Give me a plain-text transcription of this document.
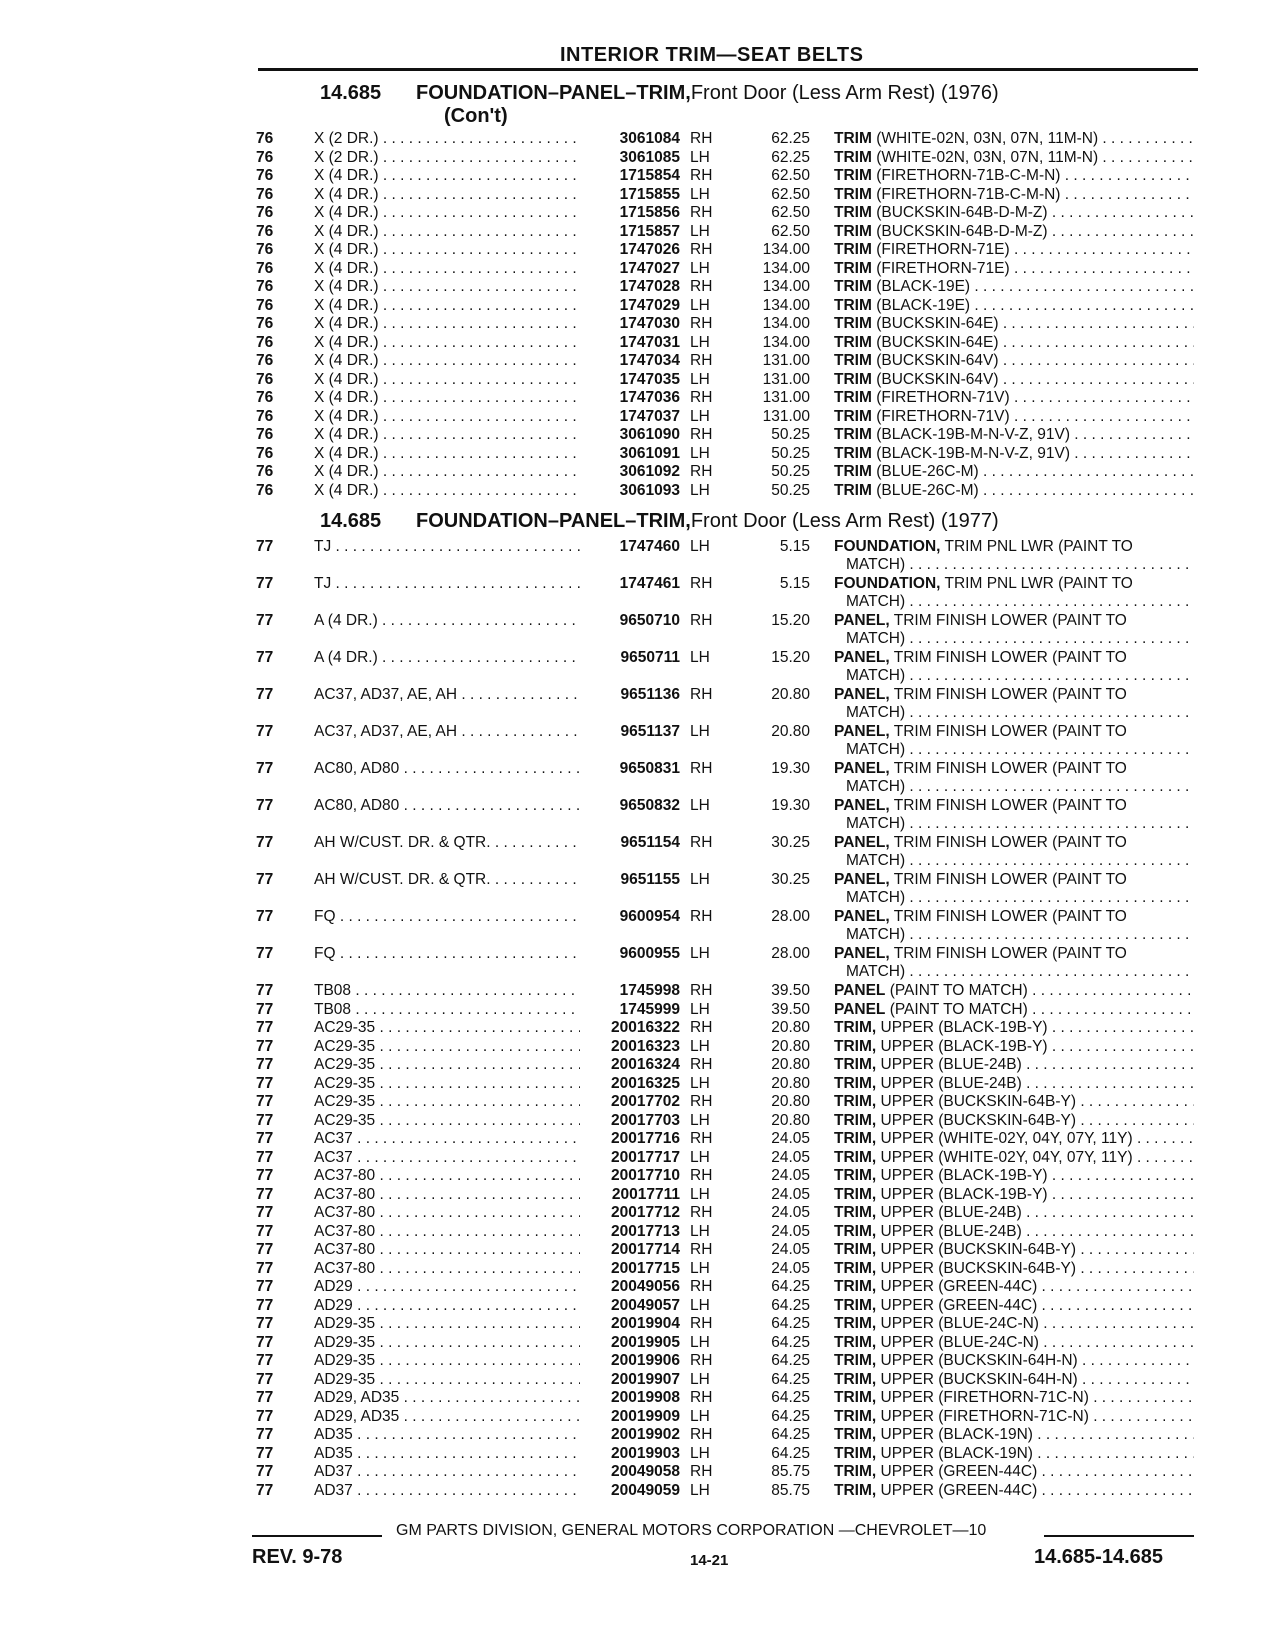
INTERIOR TRIM—SEAT BELTS
14.685 FOUNDATION–PANEL–TRIM,Front Door (Less Arm Rest) (1976)
(Con't)
76	X (2 DR.) . . .	3061084 RH	62.25 TRIM (WHITE-02N, 03N, 07N, 11M-N) . . .
76	X (2 DR.) . . .	3061085 LH	62.25 TRIM (WHITE-02N, 03N, 07N, 11M-N) . . .
76	X (4 DR.) . . .	1715854 RH	62.50 TRIM (FIRETHORN-71B-C-M-N) . . .
76	X (4 DR.) . . .	1715855 LH	62.50 TRIM (FIRETHORN-71B-C-M-N) . . .
76	X (4 DR.) . . .	1715856 RH	62.50 TRIM (BUCKSKIN-64B-D-M-Z) . . .
76	X (4 DR.) . . .	1715857 LH	62.50 TRIM (BUCKSKIN-64B-D-M-Z) . . .
76	X (4 DR.) . . .	1747026 RH	134.00 TRIM (FIRETHORN-71E) . . .
76	X (4 DR.) . . .	1747027 LH	134.00 TRIM (FIRETHORN-71E) . . .
76	X (4 DR.) . . .	1747028 RH	134.00 TRIM (BLACK-19E) . . .
76	X (4 DR.) . . .	1747029 LH	134.00 TRIM (BLACK-19E) . . .
76	X (4 DR.) . . .	1747030 RH	134.00 TRIM (BUCKSKIN-64E) . . .
76	X (4 DR.) . . .	1747031 LH	134.00 TRIM (BUCKSKIN-64E) . . .
76	X (4 DR.) . . .	1747034 RH	131.00 TRIM (BUCKSKIN-64V) . . .
76	X (4 DR.) . . .	1747035 LH	131.00 TRIM (BUCKSKIN-64V) . . .
76	X (4 DR.) . . .	1747036 RH	131.00 TRIM (FIRETHORN-71V) . . .
76	X (4 DR.) . . .	1747037 LH	131.00 TRIM (FIRETHORN-71V) . . .
76	X (4 DR.) . . .	3061090 RH	50.25 TRIM (BLACK-19B-M-N-V-Z, 91V) . . .
76	X (4 DR.) . . .	3061091 LH	50.25 TRIM (BLACK-19B-M-N-V-Z, 91V) . . .
76	X (4 DR.) . . .	3061092 RH	50.25 TRIM (BLUE-26C-M) . . .
76	X (4 DR.) . . .	3061093 LH	50.25 TRIM (BLUE-26C-M) . . .
14.685 FOUNDATION–PANEL–TRIM,Front Door (Less Arm Rest) (1977)
77	TJ . . .	1747460 LH	5.15 FOUNDATION, TRIM PNL LWR (PAINT TO
MATCH) . . .
77	TJ . . .	1747461 RH	5.15 FOUNDATION, TRIM PNL LWR (PAINT TO
MATCH) . . .
77	A (4 DR.) . . .	9650710 RH	15.20 PANEL, TRIM FINISH LOWER (PAINT TO
MATCH) . . .
77	A (4 DR.) . . .	9650711 LH	15.20 PANEL, TRIM FINISH LOWER (PAINT TO
MATCH) . . .
77	AC37, AD37, AE, AH . . .	9651136 RH	20.80 PANEL, TRIM FINISH LOWER (PAINT TO
MATCH) . . .
77	AC37, AD37, AE, AH . . .	9651137 LH	20.80 PANEL, TRIM FINISH LOWER (PAINT TO
MATCH) . . .
77	AC80, AD80 . . .	9650831 RH	19.30 PANEL, TRIM FINISH LOWER (PAINT TO
MATCH) . . .
77	AC80, AD80 . . .	9650832 LH	19.30 PANEL, TRIM FINISH LOWER (PAINT TO
MATCH) . . .
77	AH W/CUST. DR. & QTR. . . .	9651154 RH	30.25 PANEL, TRIM FINISH LOWER (PAINT TO
MATCH) . . .
77	AH W/CUST. DR. & QTR. . . .	9651155 LH	30.25 PANEL, TRIM FINISH LOWER (PAINT TO
MATCH) . . .
77	FQ . . .	9600954 RH	28.00 PANEL, TRIM FINISH LOWER (PAINT TO
MATCH) . . .
77	FQ . . .	9600955 LH	28.00 PANEL, TRIM FINISH LOWER (PAINT TO
MATCH) . . .
77	TB08 . . .	1745998 RH	39.50 PANEL (PAINT TO MATCH) . . .
77	TB08 . . .	1745999 LH	39.50 PANEL (PAINT TO MATCH) . . .
77	AC29-35 . . .	20016322 RH	20.80 TRIM, UPPER (BLACK-19B-Y) . . .
77	AC29-35 . . .	20016323 LH	20.80 TRIM, UPPER (BLACK-19B-Y) . . .
77	AC29-35 . . .	20016324 RH	20.80 TRIM, UPPER (BLUE-24B) . . .
77	AC29-35 . . .	20016325 LH	20.80 TRIM, UPPER (BLUE-24B) . . .
77	AC29-35 . . .	20017702 RH	20.80 TRIM, UPPER (BUCKSKIN-64B-Y) . . .
77	AC29-35 . . .	20017703 LH	20.80 TRIM, UPPER (BUCKSKIN-64B-Y) . . .
77	AC37 . . .	20017716 RH	24.05 TRIM, UPPER (WHITE-02Y, 04Y, 07Y, 11Y) . . .
77	AC37 . . .	20017717 LH	24.05 TRIM, UPPER (WHITE-02Y, 04Y, 07Y, 11Y) . . .
77	AC37-80 . . .	20017710 RH	24.05 TRIM, UPPER (BLACK-19B-Y) . . .
77	AC37-80 . . .	20017711 LH	24.05 TRIM, UPPER (BLACK-19B-Y) . . .
77	AC37-80 . . .	20017712 RH	24.05 TRIM, UPPER (BLUE-24B) . . .
77	AC37-80 . . .	20017713 LH	24.05 TRIM, UPPER (BLUE-24B) . . .
77	AC37-80 . . .	20017714 RH	24.05 TRIM, UPPER (BUCKSKIN-64B-Y) . . .
77	AC37-80 . . .	20017715 LH	24.05 TRIM, UPPER (BUCKSKIN-64B-Y) . . .
77	AD29 . . .	20049056 RH	64.25 TRIM, UPPER (GREEN-44C) . . .
77	AD29 . . .	20049057 LH	64.25 TRIM, UPPER (GREEN-44C) . . .
77	AD29-35 . . .	20019904 RH	64.25 TRIM, UPPER (BLUE-24C-N) . . .
77	AD29-35 . . .	20019905 LH	64.25 TRIM, UPPER (BLUE-24C-N) . . .
77	AD29-35 . . .	20019906 RH	64.25 TRIM, UPPER (BUCKSKIN-64H-N) . . .
77	AD29-35 . . .	20019907 LH	64.25 TRIM, UPPER (BUCKSKIN-64H-N) . . .
77	AD29, AD35 . . .	20019908 RH	64.25 TRIM, UPPER (FIRETHORN-71C-N) . . .
77	AD29, AD35 . . .	20019909 LH	64.25 TRIM, UPPER (FIRETHORN-71C-N) . . .
77	AD35 . . .	20019902 RH	64.25 TRIM, UPPER (BLACK-19N) . . .
77	AD35 . . .	20019903 LH	64.25 TRIM, UPPER (BLACK-19N) . . .
77	AD37 . . .	20049058 RH	85.75 TRIM, UPPER (GREEN-44C) . . .
77	AD37 . . .	20049059 LH	85.75 TRIM, UPPER (GREEN-44C) . . .
GM PARTS DIVISION, GENERAL MOTORS CORPORATION —CHEVROLET—10
REV. 9-78	14-21	14.685-14.685
